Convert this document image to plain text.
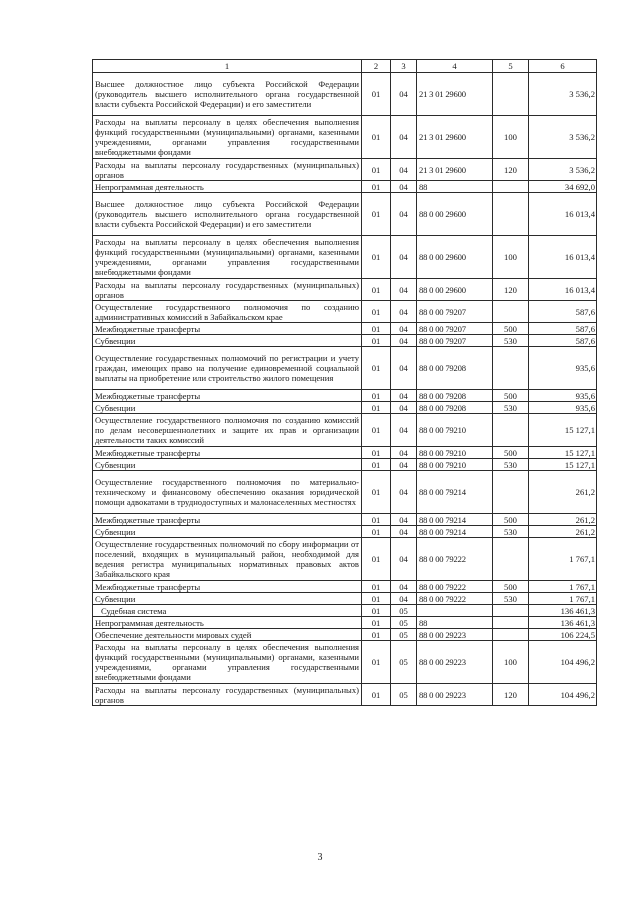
1	2	3	4	5	6
Высшее должностное лицо субъекта Российской Федерации (руководитель высшего исполнительного органа государственной власти субъекта Российской Федерации) и его заместители	01	04	21 3 01 29600		3 536,2
Расходы на выплаты персоналу в целях обеспечения выполнения функций государственными (муниципальными) органами, казенными учреждениями, органами управления государственными внебюджетными фондами	01	04	21 3 01 29600	100	3 536,2
Расходы на выплаты персоналу государственных (муниципальных) органов	01	04	21 3 01 29600	120	3 536,2
Непрограммная деятельность	01	04	88		34 692,0
Высшее должностное лицо субъекта Российской Федерации (руководитель высшего исполнительного органа государственной власти субъекта Российской Федерации) и его заместители	01	04	88 0 00 29600		16 013,4
Расходы на выплаты персоналу в целях обеспечения выполнения функций государственными (муниципальными) органами, казенными учреждениями, органами управления государственными внебюджетными фондами	01	04	88 0 00 29600	100	16 013,4
Расходы на выплаты персоналу государственных (муниципальных) органов	01	04	88 0 00 29600	120	16 013,4
Осуществление государственного полномочия по созданию административных комиссий в Забайкальском крае	01	04	88 0 00 79207		587,6
Межбюджетные трансферты	01	04	88 0 00 79207	500	587,6
Субвенции	01	04	88 0 00 79207	530	587,6
Осуществление государственных полномочий по регистрации и учету граждан, имеющих право на получение единовременной социальной выплаты на приобретение или строительство жилого помещения	01	04	88 0 00 79208		935,6
Межбюджетные трансферты	01	04	88 0 00 79208	500	935,6
Субвенции	01	04	88 0 00 79208	530	935,6
Осуществление государственного полномочия по созданию комиссий по делам несовершеннолетних и защите их прав и организации деятельности таких комиссий	01	04	88 0 00 79210		15 127,1
Межбюджетные трансферты	01	04	88 0 00 79210	500	15 127,1
Субвенции	01	04	88 0 00 79210	530	15 127,1
Осуществление государственного полномочия по материально-техническому и финансовому обеспечению оказания юридической помощи адвокатами в труднодоступных и малонаселенных местностях	01	04	88 0 00 79214		261,2
Межбюджетные трансферты	01	04	88 0 00 79214	500	261,2
Субвенции	01	04	88 0 00 79214	530	261,2
Осуществление государственных полномочий по сбору информации от поселений, входящих в муниципальный район, необходимой для ведения регистра муниципальных нормативных правовых актов Забайкальского края	01	04	88 0 00 79222		1 767,1
Межбюджетные трансферты	01	04	88 0 00 79222	500	1 767,1
Субвенции	01	04	88 0 00 79222	530	1 767,1
Судебная система	01	05			136 461,3
Непрограммная деятельность	01	05	88		136 461,3
Обеспечение деятельности мировых судей	01	05	88 0 00 29223		106 224,5
Расходы на выплаты персоналу в целях обеспечения выполнения функций государственными (муниципальными) органами, казенными учреждениями, органами управления государственными внебюджетными фондами	01	05	88 0 00 29223	100	104 496,2
Расходы на выплаты персоналу государственных (муниципальных) органов	01	05	88 0 00 29223	120	104 496,2
3
